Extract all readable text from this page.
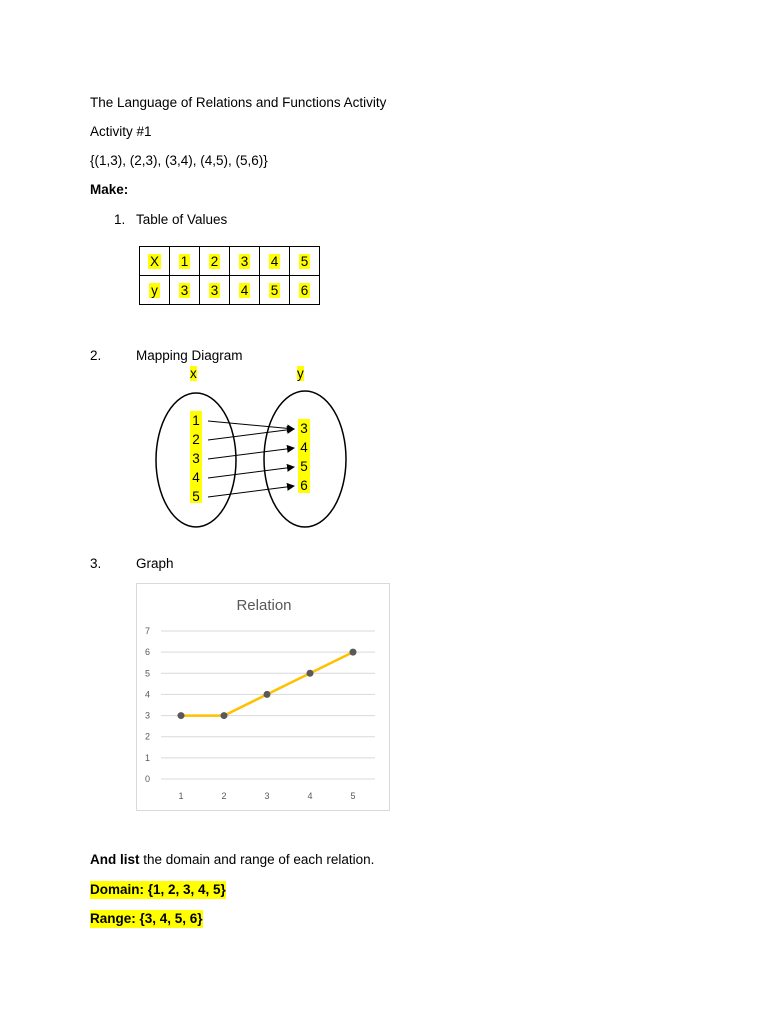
The Language of Relations and Functions Activity
Activity #1
{(1,3), (2,3), (3,4), (4,5), (5,6)}
Make:
1. Table of Values
X	1	2	3	4	5
y	3	3	4	5	6
2.	Mapping Diagram
x	y
1
2
3
4
5
3
4
5
6
3.	Graph
Relation
0
1
2
3
4
5
6
7
1	2	3	4	5
And list the domain and range of each relation.
Domain: {1, 2, 3, 4, 5}
Range: {3, 4, 5, 6}
